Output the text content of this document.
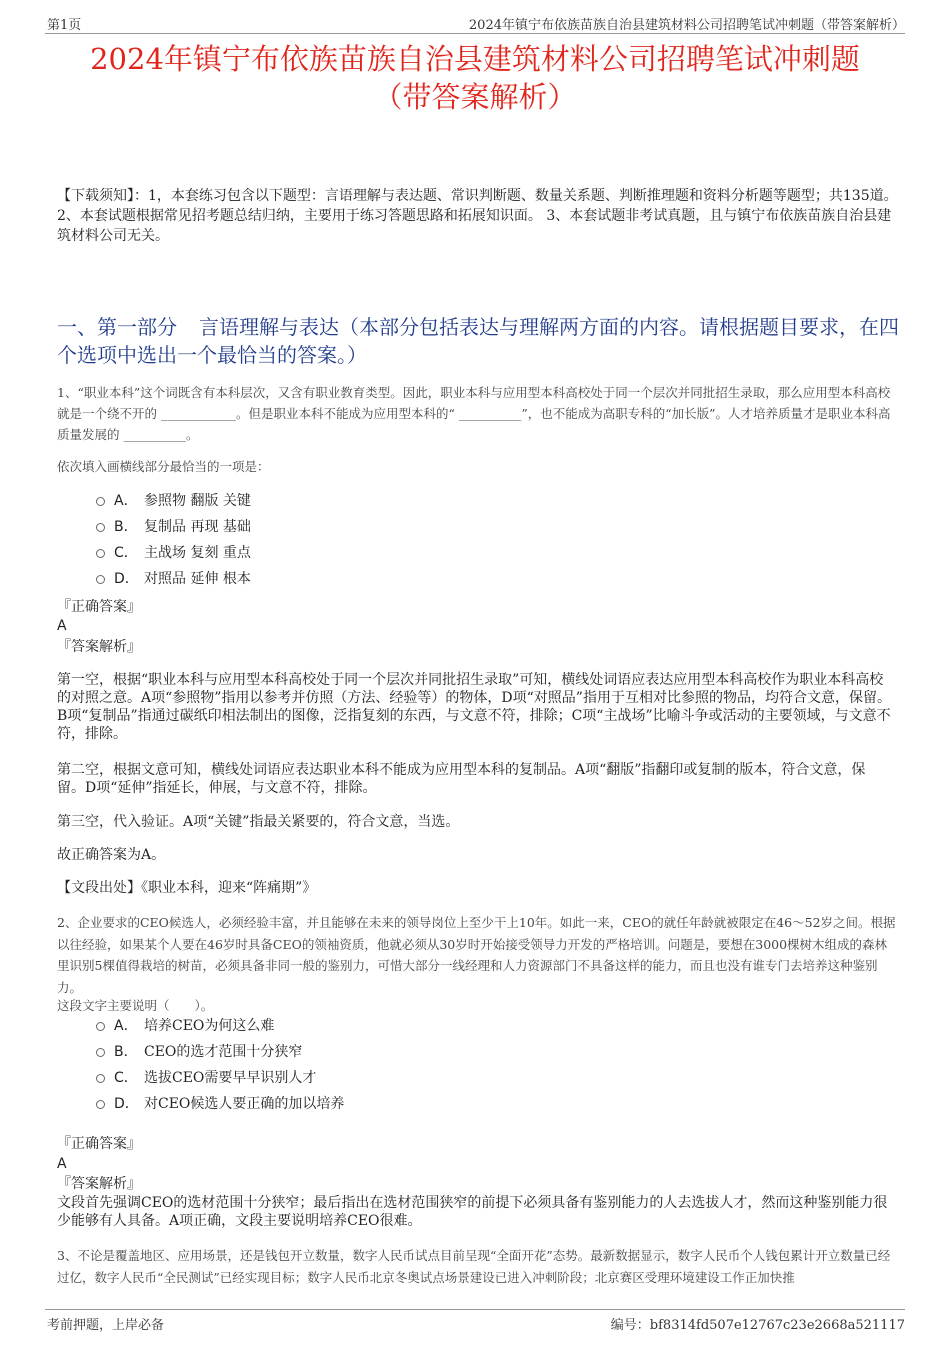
第1页	2024年镇宁布依族苗族自治县建筑材料公司招聘笔试冲刺题（带答案解析）
2024年镇宁布依族苗族自治县建筑材料公司招聘笔试冲刺题
（带答案解析）
【下载须知】：1，本套练习包含以下题型：言语理解与表达题、常识判断题、数量关系题、判断推理题和资料分析题等题型；共135道。 2、本套试题根据常见招考题总结归纳，主要用于练习答题思路和拓展知识面。 3、本套试题非考试真题，且与镇宁布依族苗族自治县建筑材料公司无关。
一、第一部分 言语理解与表达（本部分包括表达与理解两方面的内容。请根据题目要求，在四个选项中选出一个最恰当的答案。）
1、“职业本科”这个词既含有本科层次，又含有职业教育类型。因此，职业本科与应用型本科高校处于同一个层次并同批招生录取，那么应用型本科高校就是一个绕不开的 ____________。但是职业本科不能成为应用型本科的“ __________”，也不能成为高职专科的“加长版”。人才培养质量才是职业本科高质量发展的 __________。
依次填入画横线部分最恰当的一项是：
A． 参照物 翻版 关键
B． 复制品 再现 基础
C． 主战场 复刻 重点
D． 对照品 延伸 根本
『正确答案』
A
『答案解析』
第一空，根据“职业本科与应用型本科高校处于同一个层次并同批招生录取”可知，横线处词语应表达应用型本科高校作为职业本科高校的对照之意。A项“参照物”指用以参考并仿照（方法、经验等）的物体，D项“对照品”指用于互相对比参照的物品，均符合文意，保留。B项“复制品”指通过碳纸印相法制出的图像，泛指复刻的东西，与文意不符，排除；C项“主战场”比喻斗争或活动的主要领域，与文意不符，排除。
第二空，根据文意可知，横线处词语应表达职业本科不能成为应用型本科的复制品。A项“翻版”指翻印或复制的版本，符合文意，保留。D项“延伸”指延长，伸展，与文意不符，排除。
第三空，代入验证。A项“关键”指最关紧要的，符合文意，当选。
故正确答案为A。
【文段出处】《职业本科，迎来“阵痛期”》
2、企业要求的CEO候选人，必须经验丰富，并且能够在未来的领导岗位上至少干上10年。如此一来，CEO的就任年龄就被限定在46～52岁之间。根据以往经验，如果某个人要在46岁时具备CEO的领袖资质，他就必须从30岁时开始接受领导力开发的严格培训。问题是，要想在3000棵树木组成的森林里识别5棵值得栽培的树苗，必须具备非同一般的鉴别力，可惜大部分一线经理和人力资源部门不具备这样的能力，而且也没有谁专门去培养这种鉴别力。
这段文字主要说明（　　）。
A． 培养CEO为何这么难
B． CEO的选才范围十分狭窄
C． 选拔CEO需要早早识别人才
D． 对CEO候选人要正确的加以培养
『正确答案』
A
『答案解析』
文段首先强调CEO的选材范围十分狭窄；最后指出在选材范围狭窄的前提下必须具备有鉴别能力的人去选拔人才，然而这种鉴别能力很少能够有人具备。A项正确，文段主要说明培养CEO很难。
3、不论是覆盖地区、应用场景，还是钱包开立数量，数字人民币试点目前呈现“全面开花”态势。最新数据显示，数字人民币个人钱包累计开立数量已经过亿，数字人民币“全民测试”已经实现目标；数字人民币北京冬奥试点场景建设已进入冲刺阶段；北京赛区受理环境建设工作正加快推
考前押题，上岸必备	编号：bf8314fd507e12767c23e2668a521117
